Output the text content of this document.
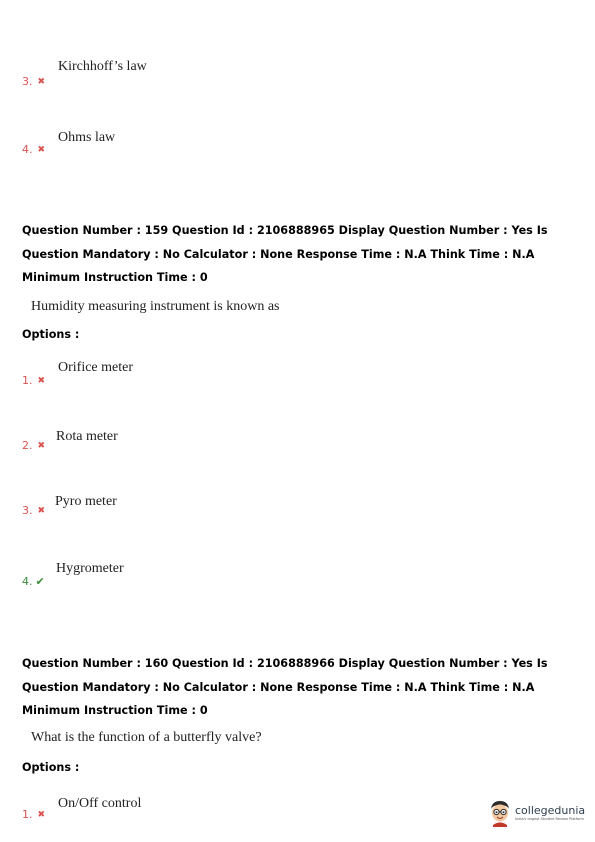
Kirchhoff’s law
3. ✖
Ohms law
4. ✖
Question Number : 159 Question Id : 2106888965 Display Question Number : Yes Is Question Mandatory : No Calculator : None Response Time : N.A Think Time : N.A Minimum Instruction Time : 0
Humidity measuring instrument is known as
Options :
Orifice meter
1. ✖
Rota meter
2. ✖
Pyro meter
3. ✖
Hygrometer
4. ✔
Question Number : 160 Question Id : 2106888966 Display Question Number : Yes Is Question Mandatory : No Calculator : None Response Time : N.A Think Time : N.A Minimum Instruction Time : 0
What is the function of a butterfly valve?
Options :
On/Off control
1. ✖	collegedunia
India's largest Student Review Platform
